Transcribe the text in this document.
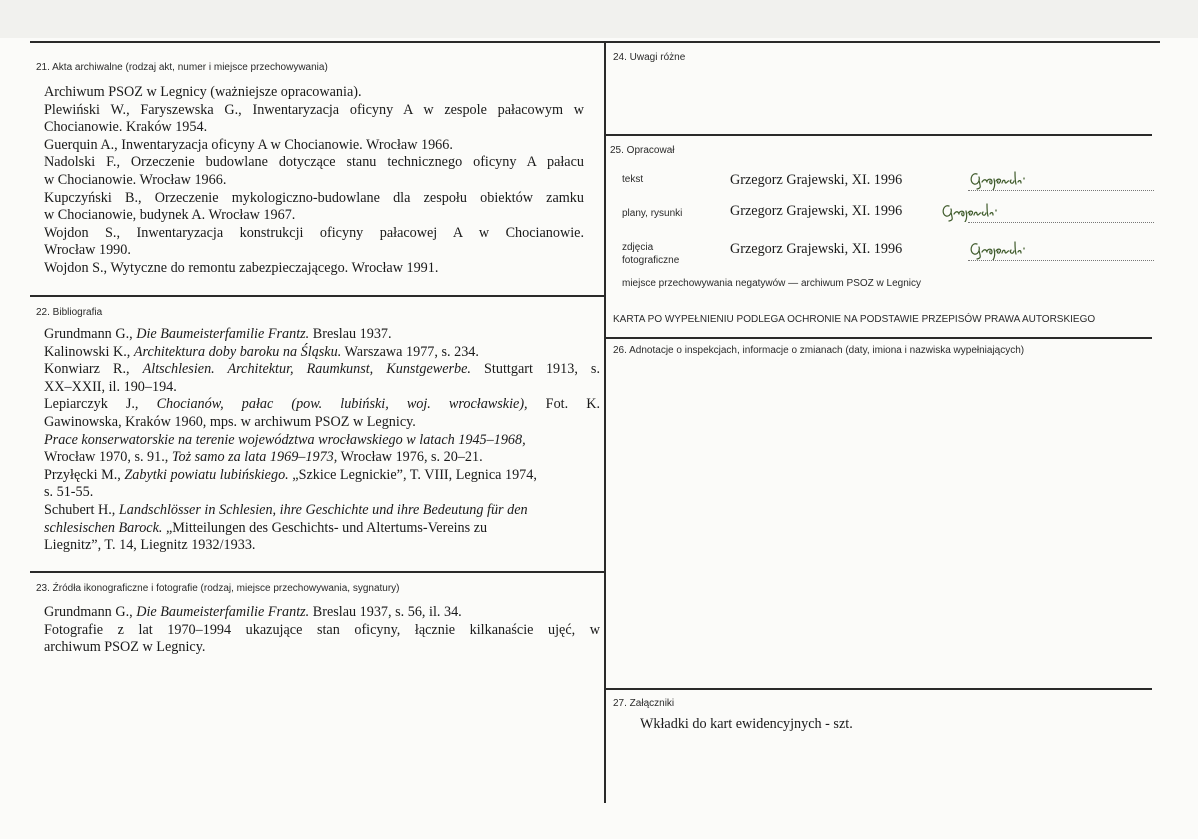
21. Akta archiwalne (rodzaj akt, numer i miejsce przechowywania)
Archiwum PSOZ w Legnicy (ważniejsze opracowania).
Plewiński W., Faryszewska G., Inwentaryzacja oficyny A w zespole pałacowym w
Chocianowie. Kraków 1954.
Guerquin A., Inwentaryzacja oficyny A w Chocianowie. Wrocław 1966.
Nadolski F., Orzeczenie budowlane dotyczące stanu technicznego oficyny A pałacu
w Chocianowie. Wrocław 1966.
Kupczyński B., Orzeczenie mykologiczno-budowlane dla zespołu obiektów zamku
w Chocianowie, budynek A. Wrocław 1967.
Wojdon S., Inwentaryzacja konstrukcji oficyny pałacowej A w Chocianowie.
Wrocław 1990.
Wojdon S., Wytyczne do remontu zabezpieczającego. Wrocław 1991.
22. Bibliografia
Grundmann G., Die Baumeisterfamilie Frantz. Breslau 1937.
Kalinowski K., Architektura doby baroku na Śląsku. Warszawa 1977, s. 234.
Konwiarz R., Altschlesien. Architektur, Raumkunst, Kunstgewerbe. Stuttgart 1913, s.
XX–XXII, il. 190–194.
Lepiarczyk J., Chocianów, pałac (pow. lubiński, woj. wrocławskie), Fot. K.
Gawinowska, Kraków 1960, mps. w archiwum PSOZ w Legnicy.
Prace konserwatorskie na terenie województwa wrocławskiego w latach 1945–1968,
Wrocław 1970, s. 91., Toż samo za lata 1969–1973, Wrocław 1976, s. 20–21.
Przyłęcki M., Zabytki powiatu lubińskiego. „Szkice Legnickie”, T. VIII, Legnica 1974,
s. 51-55.
Schubert H., Landschlösser in Schlesien, ihre Geschichte und ihre Bedeutung für den
schlesischen Barock. „Mitteilungen des Geschichts- und Altertums-Vereins zu
Liegnitz”, T. 14, Liegnitz 1932/1933.
23. Źródła ikonograficzne i fotografie (rodzaj, miejsce przechowywania, sygnatury)
Grundmann G., Die Baumeisterfamilie Frantz. Breslau 1937, s. 56, il. 34.
Fotografie z lat 1970–1994 ukazujące stan oficyny, łącznie kilkanaście ujęć, w
archiwum PSOZ w Legnicy.
24. Uwagi różne
25. Opracował
tekst	Grzegorz Grajewski, XI. 1996
plany, rysunki	Grzegorz Grajewski, XI. 1996
zdjęcia
fotograficzne
Grzegorz Grajewski, XI. 1996
miejsce przechowywania negatywów — archiwum PSOZ w Legnicy
KARTA PO WYPEŁNIENIU PODLEGA OCHRONIE NA PODSTAWIE PRZEPISÓW PRAWA AUTORSKIEGO
26. Adnotacje o inspekcjach, informacje o zmianach (daty, imiona i nazwiska wypełniających)
27. Załączniki
Wkładki do kart ewidencyjnych - szt.
